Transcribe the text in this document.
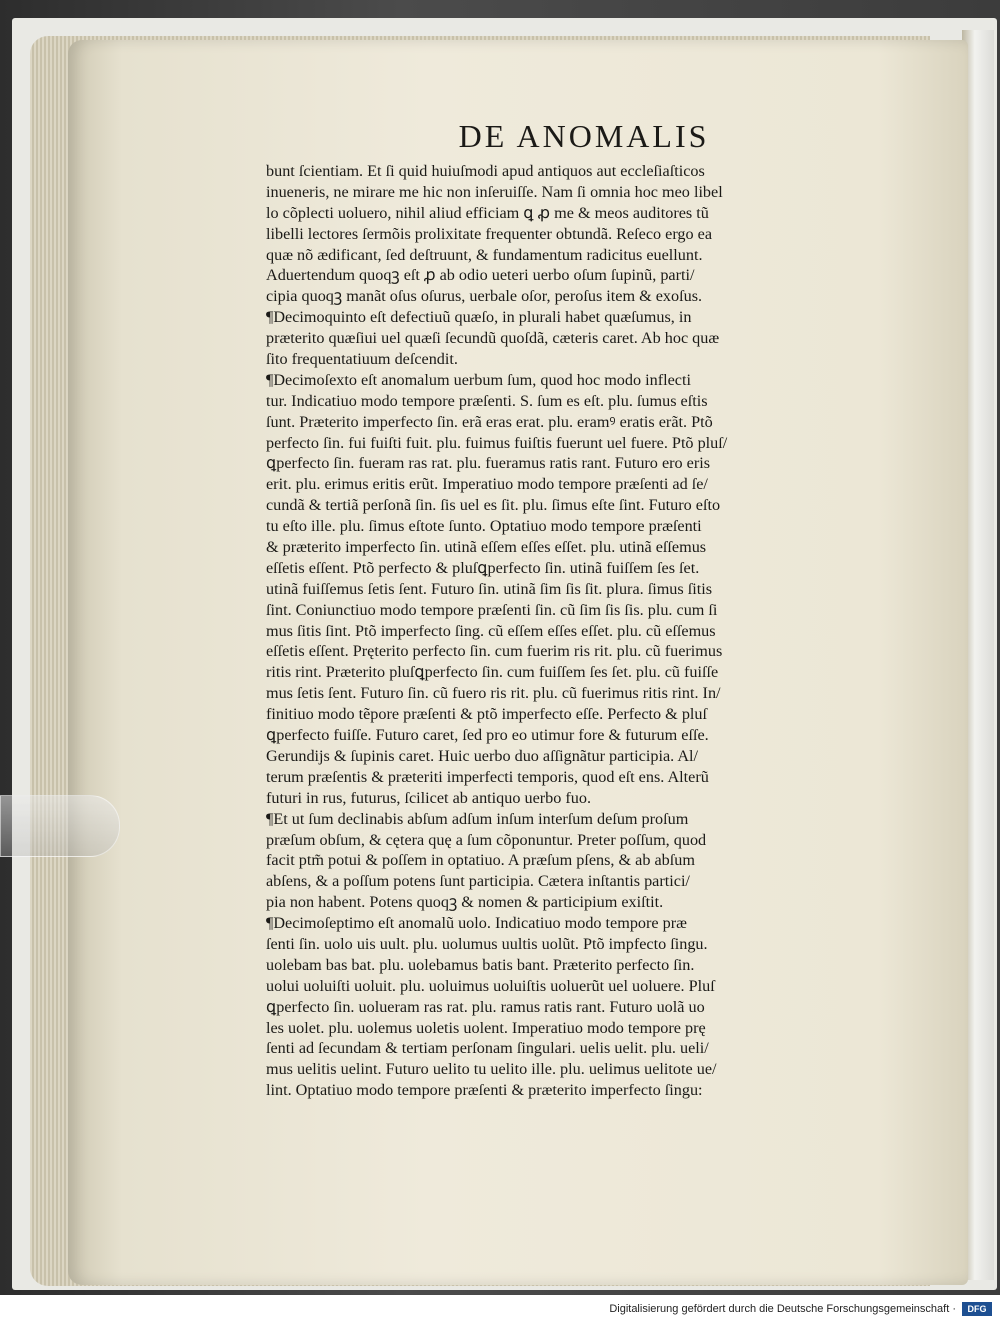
DE ANOMALIS
bunt ſcientiam. Et ſi quid huiuſmodi apud antiquos aut eccleſiaſticos
inueneris, ne mirare me hic non inſeruiſſe. Nam ſi omnia hoc meo libel
lo cõplecti uoluero, nihil aliud efficiam ꝗ ꝓ me & meos auditores tũ
libelli lectores ſermõis prolixitate frequenter obtundã. Reſeco ergo ea
quæ nõ ædificant, ſed deſtruunt, & fundamentum radicitus euellunt.
Aduertendum quoqꝫ eſt ꝓ ab odio ueteri uerbo oſum ſupinũ, parti/
cipia quoqꝫ manãt oſus oſurus, uerbale oſor, peroſus item & exoſus.
¶Decimoquinto eſt defectiuũ quæſo, in plurali habet quæſumus, in
præterito quæſiui uel quæſi ſecundũ quoſdã, cæteris caret. Ab hoc quæ
ſito frequentatiuum deſcendit.
¶Decimoſexto eſt anomalum uerbum ſum, quod hoc modo inflecti
tur. Indicatiuo modo tempore præſenti. S. ſum es eſt. plu. ſumus eſtis
ſunt. Præterito imperfecto ſin. erã eras erat. plu. eramꝰ eratis erãt. Ptõ
perfecto ſin. fui fuiſti fuit. plu. fuimus fuiſtis fuerunt uel fuere. Ptõ pluſ/
ꝗperfecto ſin. fueram ras rat. plu. fueramus ratis rant. Futuro ero eris
erit. plu. erimus eritis erũt. Imperatiuo modo tempore præſenti ad ſe/
cundã & tertiã perſonã ſin. ſis uel es ſit. plu. ſimus eſte ſint. Futuro eſto
tu eſto ille. plu. ſimus eſtote ſunto. Optatiuo modo tempore præſenti
& præterito imperfecto ſin. utinã eſſem eſſes eſſet. plu. utinã eſſemus
eſſetis eſſent. Ptõ perfecto & pluſꝗperfecto ſin. utinã fuiſſem ſes ſet.
utinã fuiſſemus ſetis ſent. Futuro ſin. utinã ſim ſis ſit. plura. ſimus ſitis
ſint. Coniunctiuo modo tempore præſenti ſin. cũ ſim ſis ſis. plu. cum ſi
mus ſitis ſint. Ptõ imperfecto ſing. cũ eſſem eſſes eſſet. plu. cũ eſſemus
eſſetis eſſent. Pręterito perfecto ſin. cum fuerim ris rit. plu. cũ fuerimus
ritis rint. Præterito pluſꝗperfecto ſin. cum fuiſſem ſes ſet. plu. cũ fuiſſe
mus ſetis ſent. Futuro ſin. cũ fuero ris rit. plu. cũ fuerimus ritis rint. In/
finitiuo modo tẽpore præſenti & ptõ imperfecto eſſe. Perfecto & pluſ
ꝗperfecto fuiſſe. Futuro caret, ſed pro eo utimur fore & futurum eſſe.
Gerundijs & ſupinis caret. Huic uerbo duo aſſignãtur participia. Al/
terum præſentis & præteriti imperfecti temporis, quod eſt ens. Alterũ
futuri in rus, futurus, ſcilicet ab antiquo uerbo fuo.
¶Et ut ſum declinabis abſum adſum inſum interſum deſum proſum
præſum obſum, & cętera quę a ſum cõponuntur. Preter poſſum, quod
facit ptm̃ potui & poſſem in optatiuo. A præſum pſens, & ab abſum
abſens, & a poſſum potens ſunt participia. Cætera inſtantis partici/
pia non habent. Potens quoqꝫ & nomen & participium exiſtit.
¶Decimoſeptimo eſt anomalũ uolo. Indicatiuo modo tempore præ
ſenti ſin. uolo uis uult. plu. uolumus uultis uolũt. Ptõ impfecto ſingu.
uolebam bas bat. plu. uolebamus batis bant. Præterito perfecto ſin.
uolui uoluiſti uoluit. plu. uoluimus uoluiſtis uoluerũt uel uoluere. Pluſ
ꝗperfecto ſin. uolueram ras rat. plu. ramus ratis rant. Futuro uolã uo
les uolet. plu. uolemus uoletis uolent. Imperatiuo modo tempore prę
ſenti ad ſecundam & tertiam perſonam ſingulari. uelis uelit. plu. ueli/
mus uelitis uelint. Futuro uelito tu uelito ille. plu. uelimus uelitote ue/
lint. Optatiuo modo tempore præſenti & præterito imperfecto ſingu:
Digitalisierung gefördert durch die Deutsche Forschungsgemeinschaft ·	DFG
